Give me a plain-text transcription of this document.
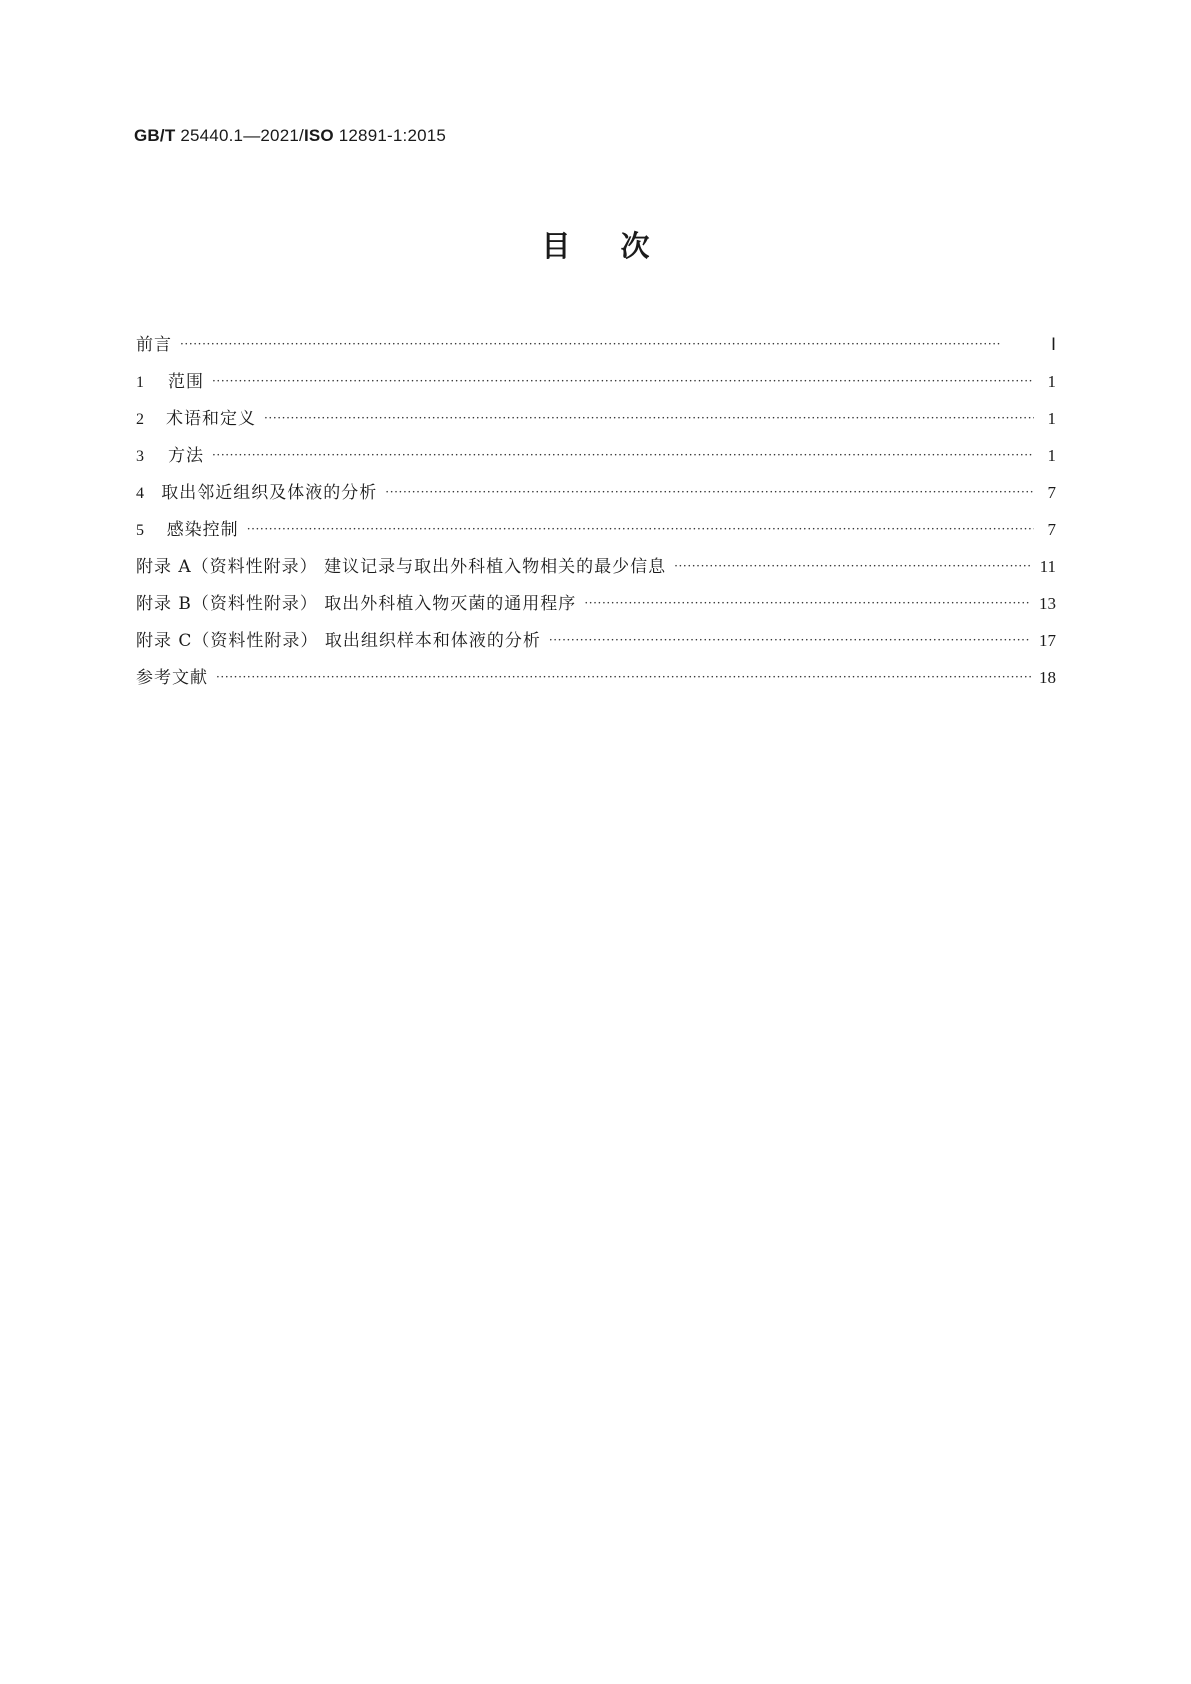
GB/T 25440.1—2021/ISO 12891-1:2015
目次
前言 ·····	Ⅰ
1	范围 ·····	1
2	术语和定义 ·····	1
3	方法 ·····	1
4	取出邻近组织及体液的分析 ·····	7
5	感染控制 ·····	7
附录 A（资料性附录） 建议记录与取出外科植入物相关的最少信息 ·····	11
附录 B（资料性附录） 取出外科植入物灭菌的通用程序 ·····	13
附录 C（资料性附录） 取出组织样本和体液的分析 ·····	17
参考文献 ·····	18
